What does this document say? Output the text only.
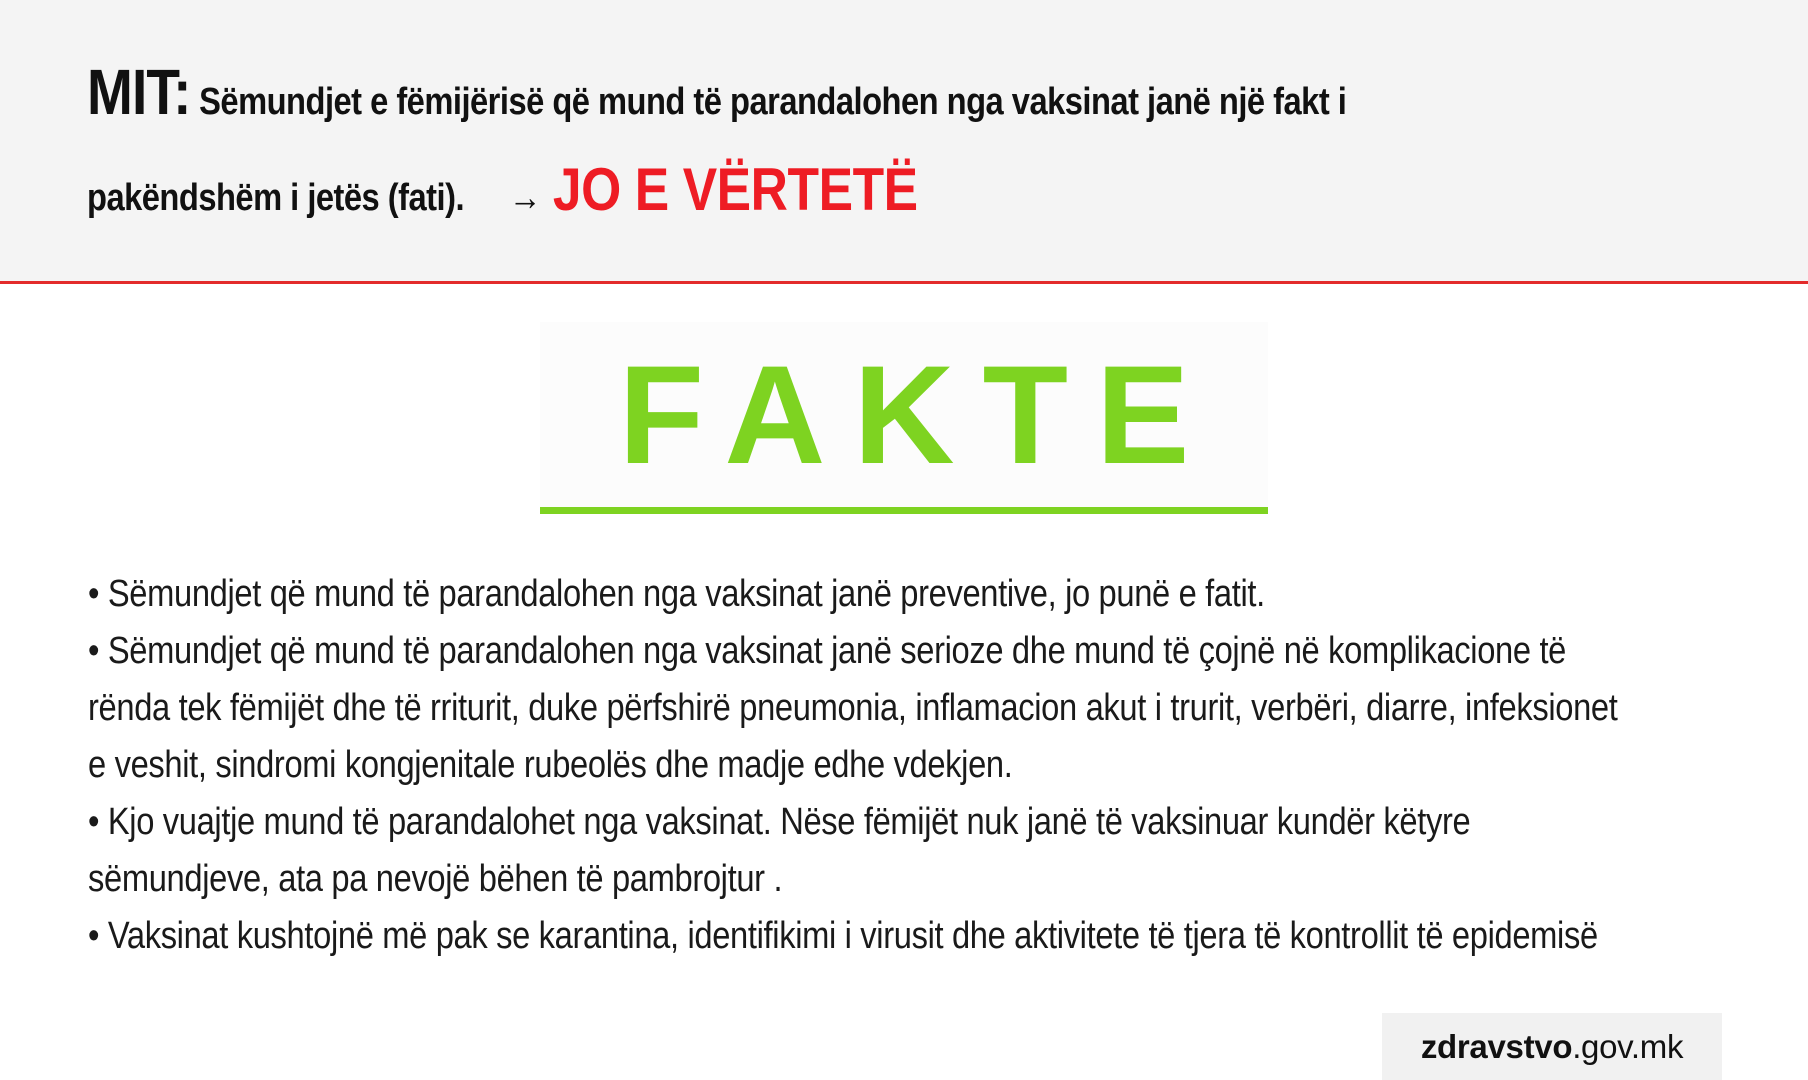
MIT: Sëmundjet e fëmijërisë që mund të parandalohen nga vaksinat janë një fakt i
pakëndshëm i jetës (fati). → JO E VËRTETË
FAKTE
• Sëmundjet që mund të parandalohen nga vaksinat janë preventive, jo punë e fatit.
• Sëmundjet që mund të parandalohen nga vaksinat janë serioze dhe mund të çojnë në komplikacione të rënda tek fëmijët dhe të rriturit, duke përfshirë pneumonia, inflamacion akut i trurit, verbëri, diarre, infeksionet e veshit, sindromi kongjenitale rubeolës dhe madje edhe vdekjen.
• Kjo vuajtje mund të parandalohet nga vaksinat. Nëse fëmijët nuk janë të vaksinuar kundër këtyre sëmundjeve, ata pa nevojë bëhen të pambrojtur .
• Vaksinat kushtojnë më pak se karantina, identifikimi i virusit dhe aktivitete të tjera të kontrollit të epidemisë
zdravstvo.gov.mk
